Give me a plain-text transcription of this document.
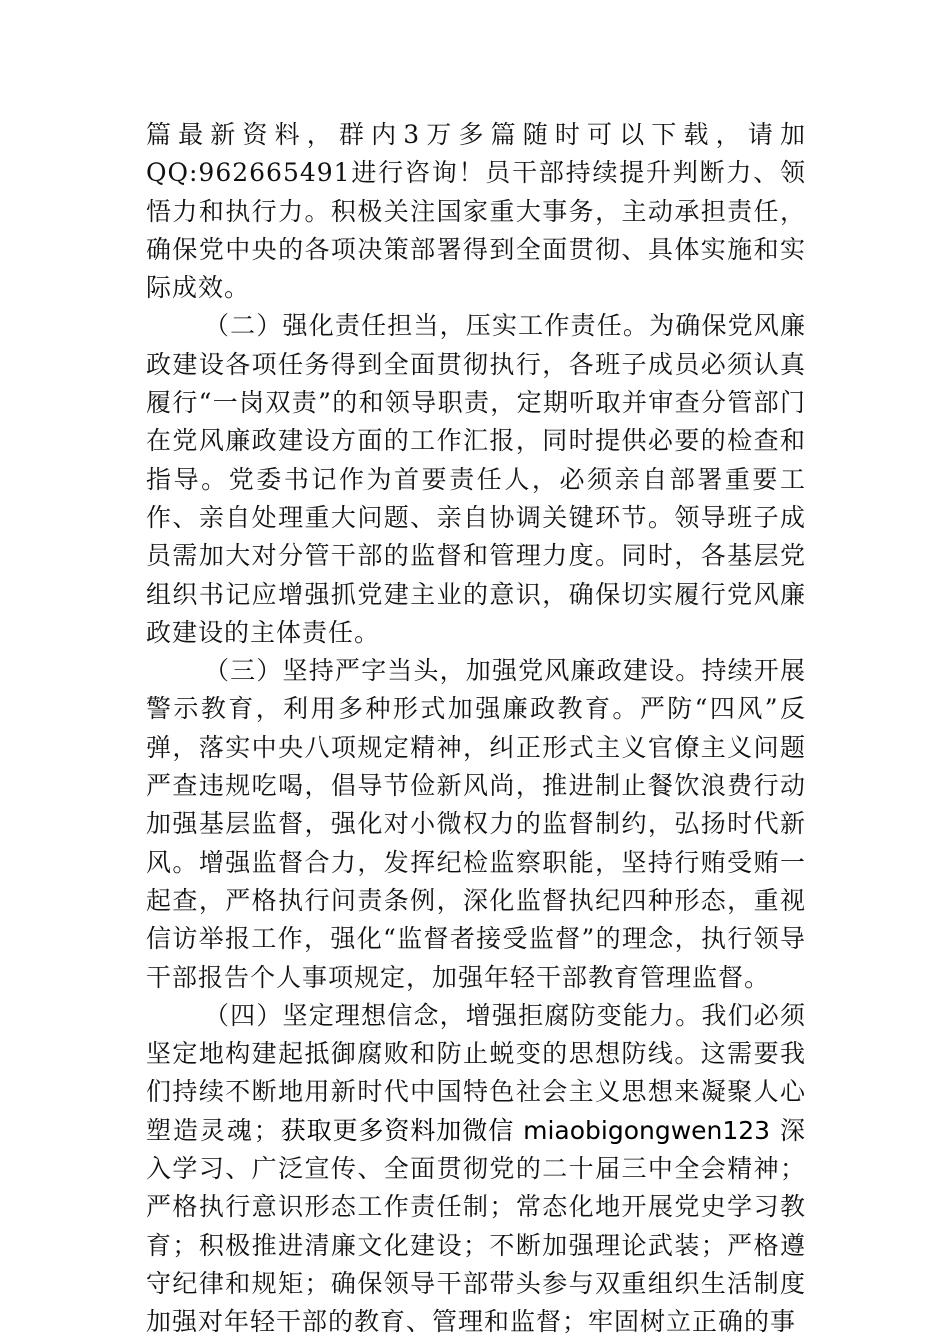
篇最新资料，群内3万多篇随时可以下载，请加QQ:962665491进行咨询！员干部持续提升判断力、领悟力和执行力。积极关注国家重大事务，主动承担责任，确保党中央的各项决策部署得到全面贯彻、具体实施和实际成效。

（二）强化责任担当，压实工作责任。为确保党风廉政建设各项任务得到全面贯彻执行，各班子成员必须认真履行“一岗双责”的和领导职责，定期听取并审查分管部门在党风廉政建设方面的工作汇报，同时提供必要的检查和指导。党委书记作为首要责任人，必须亲自部署重要工作、亲自处理重大问题、亲自协调关键环节。领导班子成员需加大对分管干部的监督和管理力度。同时，各基层党组织书记应增强抓党建主业的意识，确保切实履行党风廉政建设的主体责任。

（三）坚持严字当头，加强党风廉政建设。持续开展警示教育，利用多种形式加强廉政教育。严防“四风”反弹，落实中央八项规定精神，纠正形式主义官僚主义问题严查违规吃喝，倡导节俭新风尚，推进制止餐饮浪费行动加强基层监督，强化对小微权力的监督制约，弘扬时代新风。增强监督合力，发挥纪检监察职能，坚持行贿受贿一起查，严格执行问责条例，深化监督执纪四种形态，重视信访举报工作，强化“监督者接受监督”的理念，执行领导干部报告个人事项规定，加强年轻干部教育管理监督。

（四）坚定理想信念，增强拒腐防变能力。我们必须坚定地构建起抵御腐败和防止蜕变的思想防线。这需要我们持续不断地用新时代中国特色社会主义思想来凝聚人心塑造灵魂；获取更多资料加微信 miaobigongwen123 深入学习、广泛宣传、全面贯彻党的二十届三中全会精神；严格执行意识形态工作责任制；常态化地开展党史学习教育；积极推进清廉文化建设；不断加强理论武装；严格遵守纪律和规矩；确保领导干部带头参与双重组织生活制度加强对年轻干部的教育、管理和监督；牢固树立正确的事
